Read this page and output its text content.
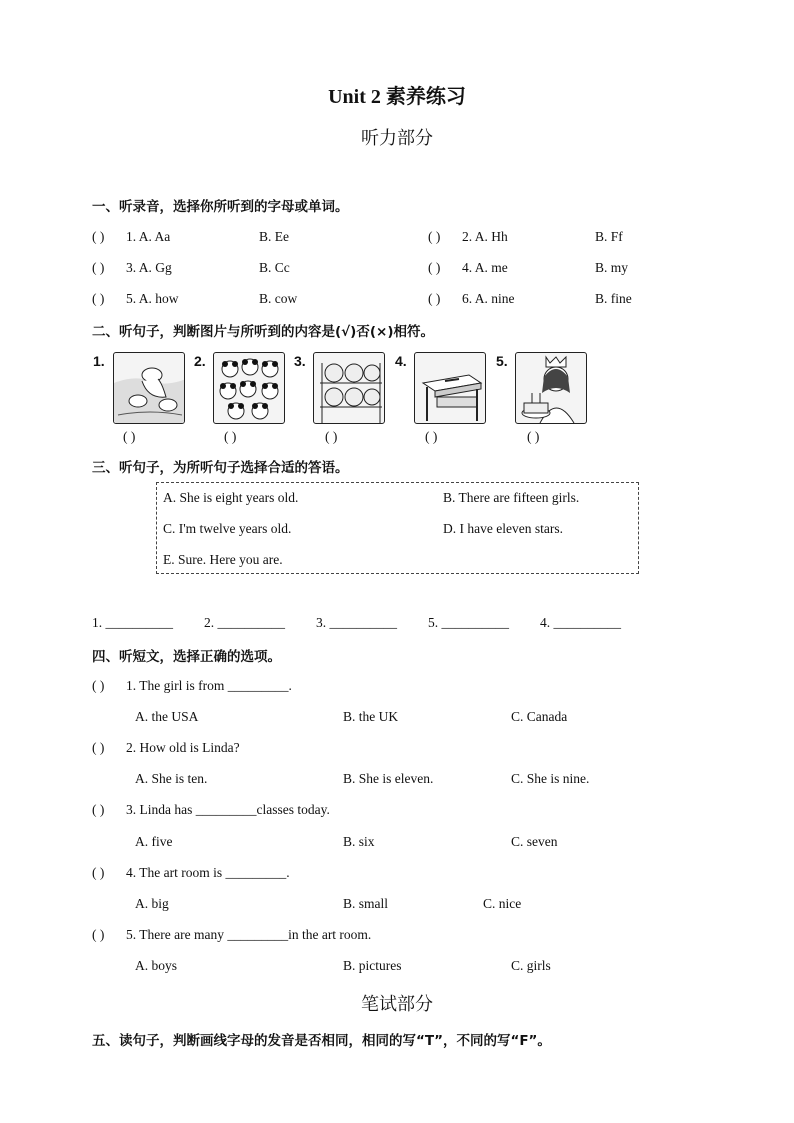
Unit 2 素养练习
听力部分
一、听录音，选择你所听到的字母或单词。
( ) 1. A. Aa	B. Ee	( ) 2. A. Hh	B. Ff
( ) 3. A. Gg	B. Cc	( ) 4. A. me	B. my
( ) 5. A. how	B. cow	( ) 6. A. nine	B. fine
二、听句子，判断图片与所听到的内容是(√)否(×)相符。
1.
( )
2.
( )
3.
( )
4.
( )
5.
( )
三、听句子，为所听句子选择合适的答语。
A. She is eight years old.	B. There are fifteen girls.
C. I'm twelve years old.	D. I have eleven stars.
E. Sure. Here you are.
1. __________ 2. __________ 3. __________ 5. __________ 4. __________
四、听短文，选择正确的选项。
( ) 1. The girl is from _________.
A. the USA	B. the UK	C. Canada
( ) 2. How old is Linda?
A. She is ten.	B. She is eleven.	C. She is nine.
( ) 3. Linda has _________classes today.
A. five	B. six	C. seven
( ) 4. The art room is _________.
A. big	B. small	C. nice
( ) 5. There are many _________in the art room.
A. boys	B. pictures	C. girls
笔试部分
五、读句子，判断画线字母的发音是否相同，相同的写“T”，不同的写“F”。
